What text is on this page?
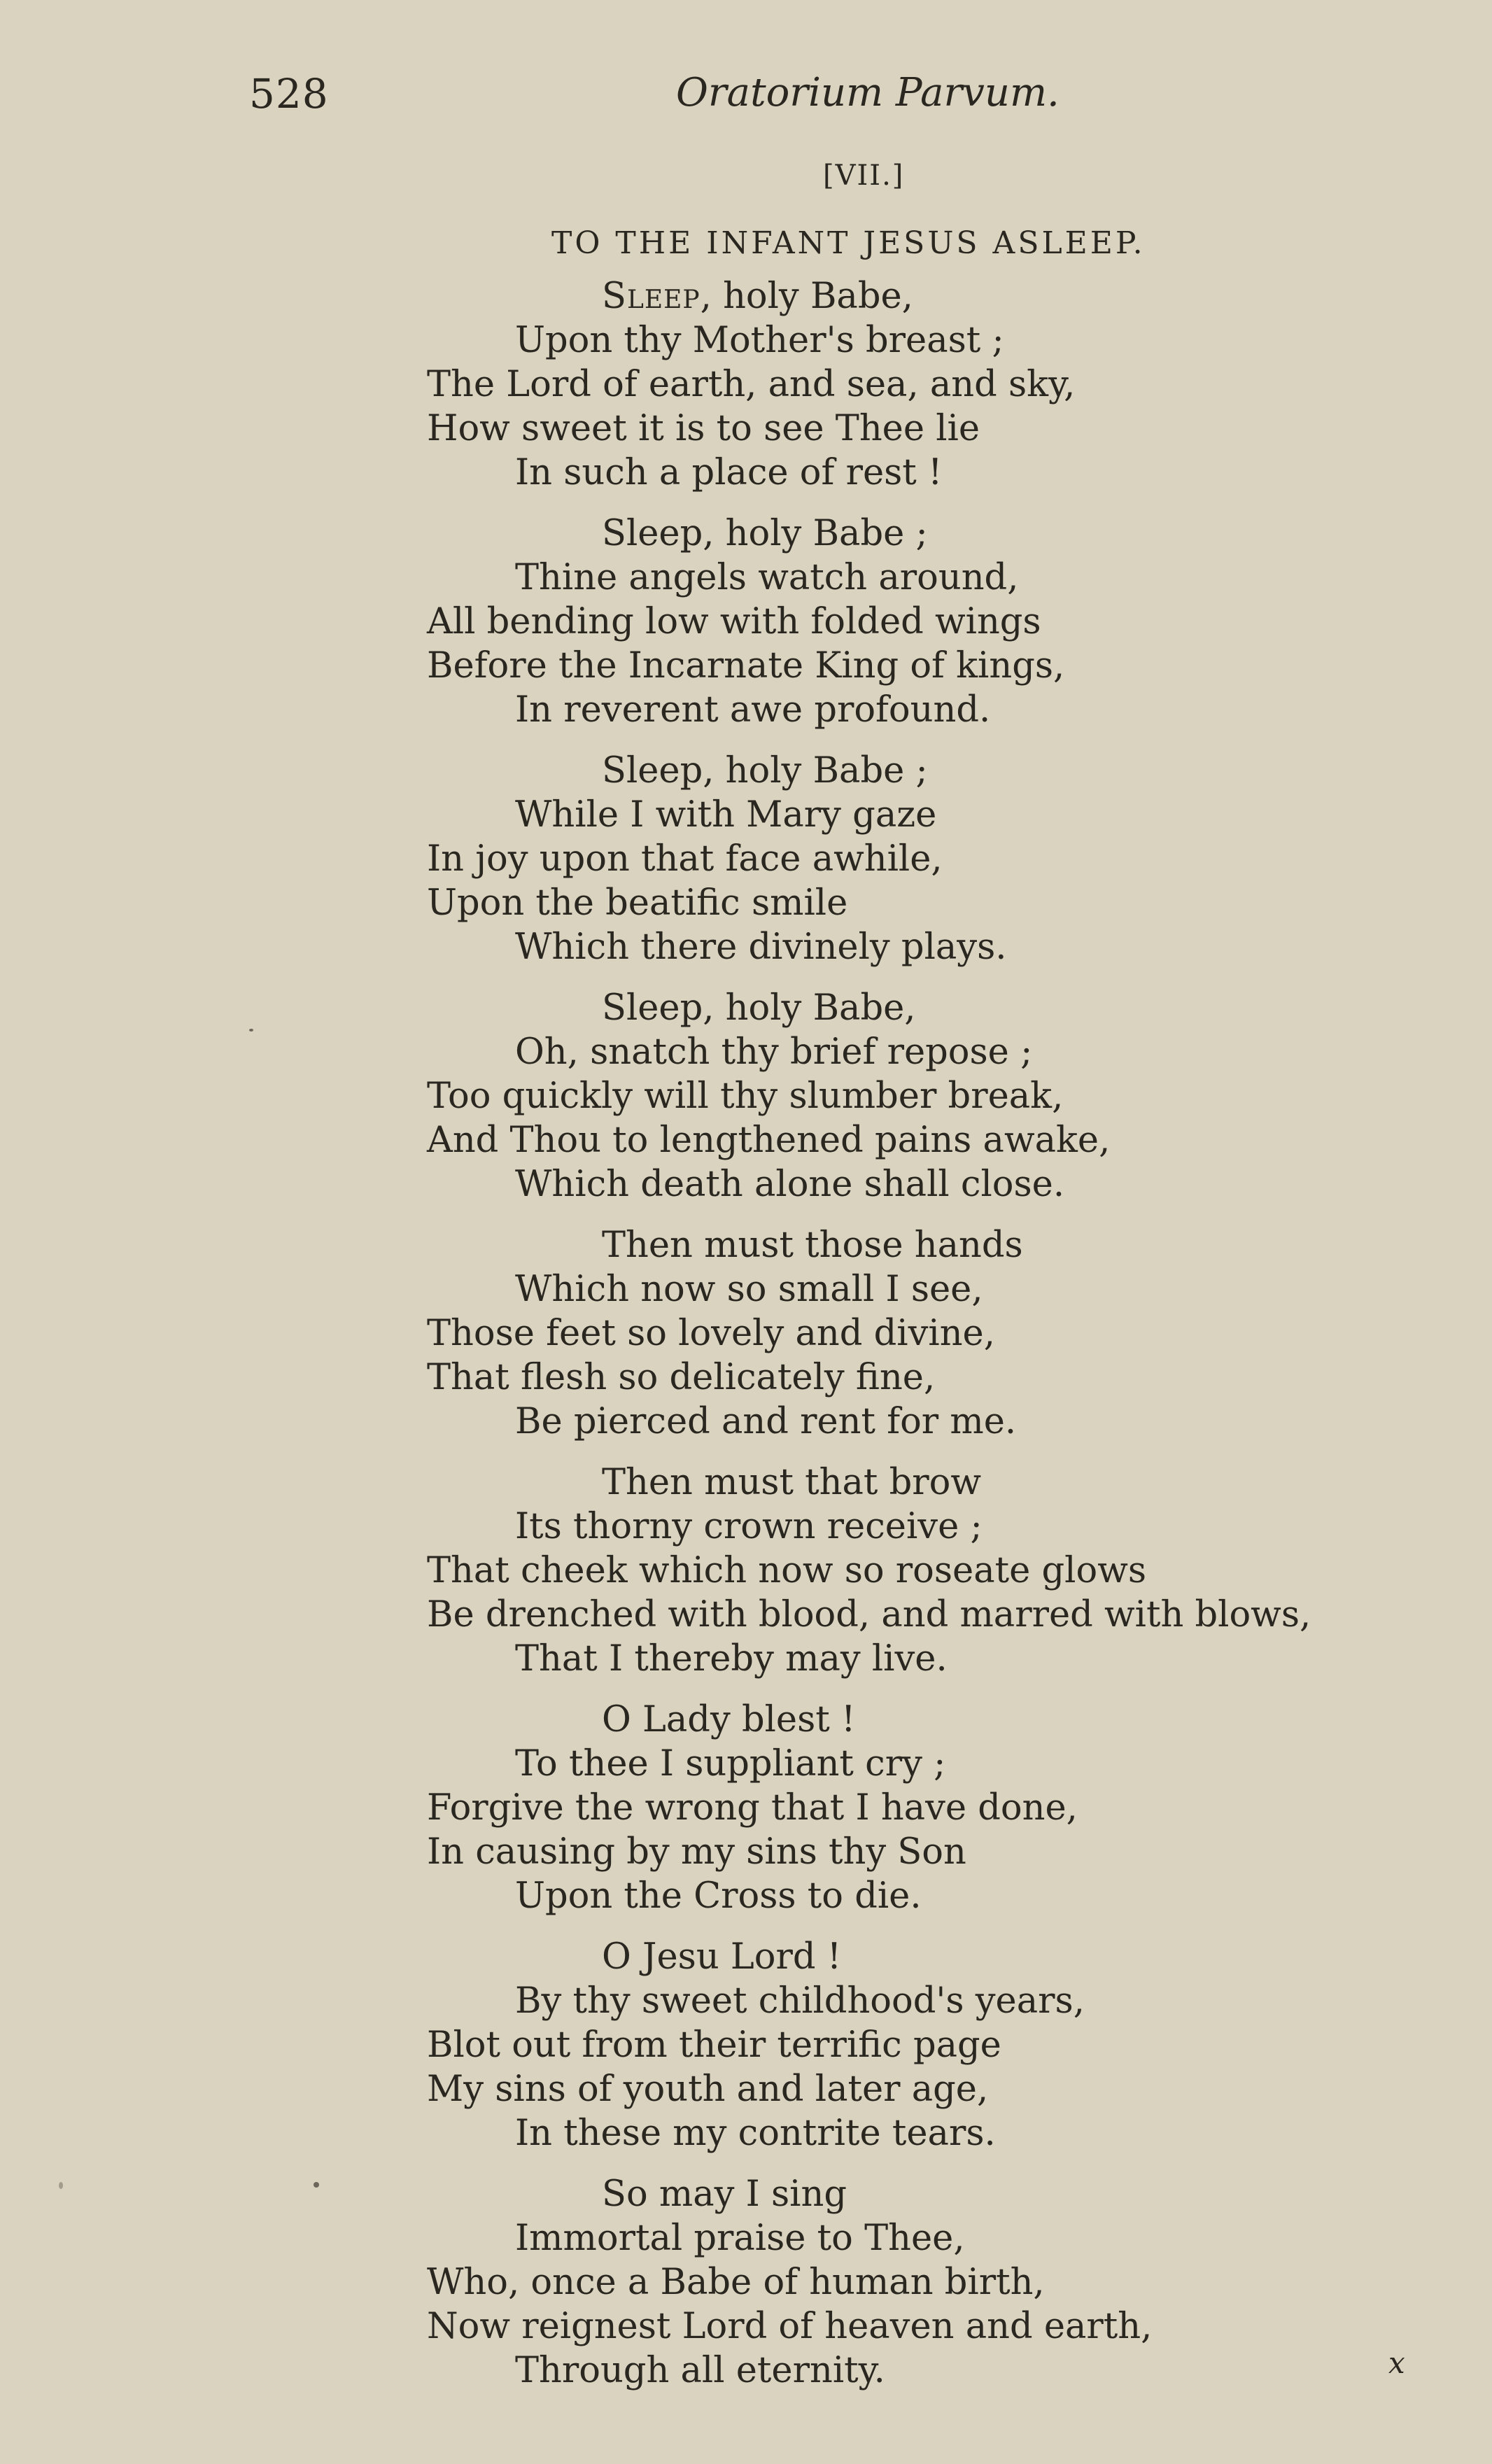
528	Oratorium Parvum.
[VII.]
TO THE INFANT JESUS ASLEEP.
Sleep, holy Babe,
Upon thy Mother's breast ;
The Lord of earth, and sea, and sky,
How sweet it is to see Thee lie
In such a place of rest !
Sleep, holy Babe ;
Thine angels watch around,
All bending low with folded wings
Before the Incarnate King of kings,
In reverent awe profound.
Sleep, holy Babe ;
While I with Mary gaze
In joy upon that face awhile,
Upon the beatific smile
Which there divinely plays.
Sleep, holy Babe,
Oh, snatch thy brief repose ;
Too quickly will thy slumber break,
And Thou to lengthened pains awake,
Which death alone shall close.
Then must those hands
Which now so small I see,
Those feet so lovely and divine,
That flesh so delicately fine,
Be pierced and rent for me.
Then must that brow
Its thorny crown receive ;
That cheek which now so roseate glows
Be drenched with blood, and marred with blows,
That I thereby may live.
O Lady blest !
To thee I suppliant cry ;
Forgive the wrong that I have done,
In causing by my sins thy Son
Upon the Cross to die.
O Jesu Lord !
By thy sweet childhood's years,
Blot out from their terrific page
My sins of youth and later age,
In these my contrite tears.
So may I sing
Immortal praise to Thee,
Who, once a Babe of human birth,
Now reignest Lord of heaven and earth,
Through all eternity.	x
